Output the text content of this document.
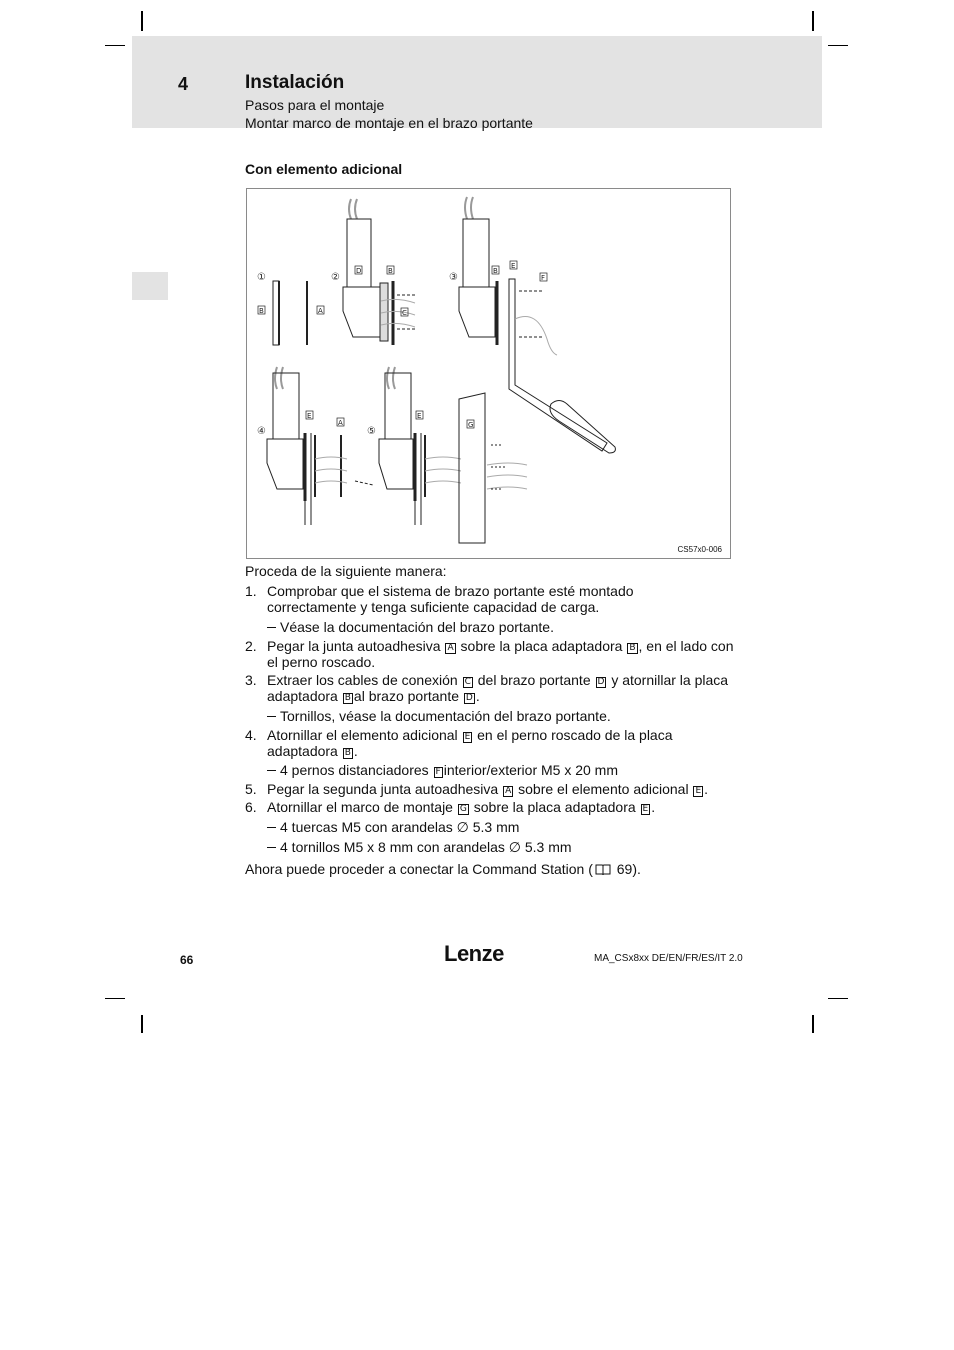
4	Instalación
Pasos para el montaje
Montar marco de montaje en el brazo portante
Con elemento adicional
①	②	③
④	⑤
B	A
D	B
C
B
E
F
E
A
E
G
CS57x0-006
Proceda de la siguiente manera:
1. Comprobar que el sistema de brazo portante esté montado
correctamente y tenga suficiente capacidad de carga.
Véase la documentación del brazo portante.
2. Pegar la junta autoadhesiva A sobre la placa adaptadora B , en el lado con
el perno roscado.
3. Extraer los cables de conexión C del brazo portante D y atornillar la placa
adaptadora B al brazo portante D .
Tornillos, véase la documentación del brazo portante.
4. Atornillar el elemento adicional E en el perno roscado de la placa
adaptadora B .
4 pernos distanciadores F interior/exterior M5 x 20 mm
5. Pegar la segunda junta autoadhesiva A sobre el elemento adicional E .
6. Atornillar el marco de montaje G sobre la placa adaptadora E .
4 tuercas M5 con arandelas ∅ 5.3 mm
4 tornillos M5 x 8 mm con arandelas ∅ 5.3 mm
Ahora puede proceder a conectar la Command Station ( 69).
66	Lenze	MA_CSx8xx DE/EN/FR/ES/IT 2.0
